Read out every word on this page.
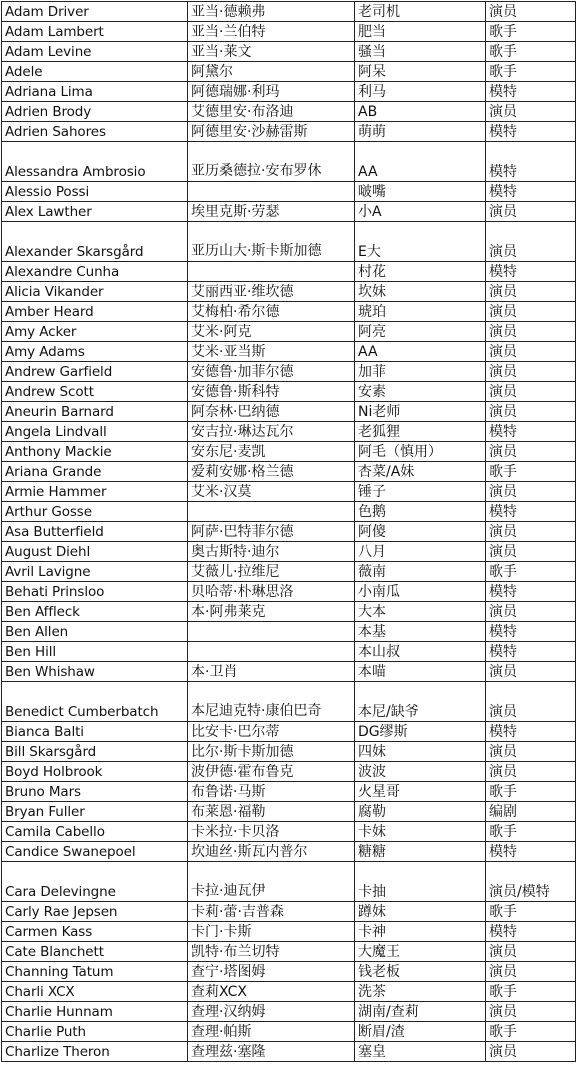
Adam Driver	亚当·德赖弗	老司机	演员
Adam Lambert	亚当·兰伯特	肥当	歌手
Adam Levine	亚当·莱文	骚当	歌手
Adele	阿黛尔	阿呆	歌手
Adriana Lima	阿德瑞娜·利玛	利马	模特
Adrien Brody	艾德里安·布洛迪	AB	演员
Adrien Sahores	阿德里安·沙赫雷斯	萌萌	模特
Alessandra Ambrosio	亚历桑德拉·安布罗休	AA	模特
Alessio Possi		啵嘴	模特
Alex Lawther	埃里克斯·劳瑟	小A	演员
Alexander Skarsgård	亚历山大·斯卡斯加德	E大	演员
Alexandre Cunha		村花	模特
Alicia Vikander	艾丽西亚·维坎德	坎妹	演员
Amber Heard	艾梅柏·希尔德	琥珀	演员
Amy Acker	艾米·阿克	阿亮	演员
Amy Adams	艾米·亚当斯	AA	演员
Andrew Garfield	安德鲁·加菲尔德	加菲	演员
Andrew Scott	安德鲁·斯科特	安素	演员
Aneurin Barnard	阿奈林·巴纳德	Ni老师	演员
Angela Lindvall	安吉拉·琳达瓦尔	老狐狸	模特
Anthony Mackie	安东尼·麦凯	阿毛（慎用）	演员
Ariana Grande	爱莉安娜·格兰德	杏菜/A妹	歌手
Armie Hammer	艾米·汉莫	锤子	演员
Arthur Gosse		色鹅	模特
Asa Butterfield	阿萨·巴特菲尔德	阿傻	演员
August Diehl	奥古斯特·迪尔	八月	演员
Avril Lavigne	艾薇儿·拉维尼	薇南	歌手
Behati Prinsloo	贝哈蒂·朴琳思洛	小南瓜	模特
Ben Affleck	本·阿弗莱克	大本	演员
Ben Allen		本基	模特
Ben Hill		本山叔	模特
Ben Whishaw	本·卫肖	本喵	演员
Benedict Cumberbatch	本尼迪克特·康伯巴奇	本尼/缺爷	演员
Bianca Balti	比安卡·巴尔蒂	DG缪斯	模特
Bill Skarsgård	比尔·斯卡斯加德	四妹	演员
Boyd Holbrook	波伊德·霍布鲁克	波波	演员
Bruno Mars	布鲁诺·马斯	火星哥	歌手
Bryan Fuller	布莱恩·福勒	腐勒	编剧
Camila Cabello	卡米拉·卡贝洛	卡妹	歌手
Candice Swanepoel	坎迪丝·斯瓦内普尔	糖糖	模特
Cara Delevingne	卡拉·迪瓦伊	卡抽	演员/模特
Carly Rae Jepsen	卡莉·蕾·吉普森	蹲妹	歌手
Carmen Kass	卡门·卡斯	卡神	模特
Cate Blanchett	凯特·布兰切特	大魔王	演员
Channing Tatum	查宁·塔图姆	钱老板	演员
Charli XCX	查莉XCX	洗茶	歌手
Charlie Hunnam	查理·汉纳姆	湖南/查莉	演员
Charlie Puth	查理·帕斯	断眉/渣	歌手
Charlize Theron	查理兹·塞隆	塞皇	演员
